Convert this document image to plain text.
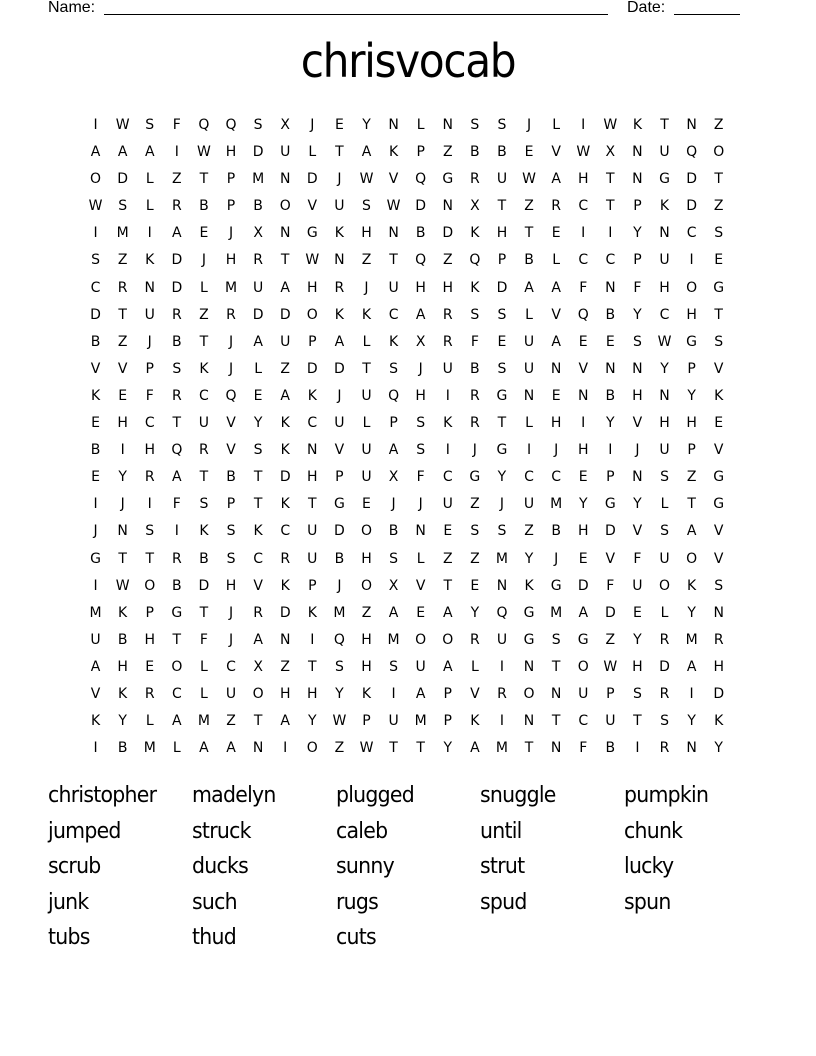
Name:	Date:
chrisvocab
I	W	S	F	Q	Q	S	X	J	E	Y	N	L	N	S	S	J	L	I	W	K	T	N	Z
A	A	A	I	W	H	D	U	L	T	A	K	P	Z	B	B	E	V	W	X	N	U	Q	O
O	D	L	Z	T	P	M	N	D	J	W	V	Q	G	R	U	W	A	H	T	N	G	D	T
W	S	L	R	B	P	B	O	V	U	S	W	D	N	X	T	Z	R	C	T	P	K	D	Z
I	M	I	A	E	J	X	N	G	K	H	N	B	D	K	H	T	E	I	I	Y	N	C	S
S	Z	K	D	J	H	R	T	W	N	Z	T	Q	Z	Q	P	B	L	C	C	P	U	I	E
C	R	N	D	L	M	U	A	H	R	J	U	H	H	K	D	A	A	F	N	F	H	O	G
D	T	U	R	Z	R	D	D	O	K	K	C	A	R	S	S	L	V	Q	B	Y	C	H	T
B	Z	J	B	T	J	A	U	P	A	L	K	X	R	F	E	U	A	E	E	S	W	G	S
V	V	P	S	K	J	L	Z	D	D	T	S	J	U	B	S	U	N	V	N	N	Y	P	V
K	E	F	R	C	Q	E	A	K	J	U	Q	H	I	R	G	N	E	N	B	H	N	Y	K
E	H	C	T	U	V	Y	K	C	U	L	P	S	K	R	T	L	H	I	Y	V	H	H	E
B	I	H	Q	R	V	S	K	N	V	U	A	S	I	J	G	I	J	H	I	J	U	P	V
E	Y	R	A	T	B	T	D	H	P	U	X	F	C	G	Y	C	C	E	P	N	S	Z	G
I	J	I	F	S	P	T	K	T	G	E	J	J	U	Z	J	U	M	Y	G	Y	L	T	G
J	N	S	I	K	S	K	C	U	D	O	B	N	E	S	S	Z	B	H	D	V	S	A	V
G	T	T	R	B	S	C	R	U	B	H	S	L	Z	Z	M	Y	J	E	V	F	U	O	V
I	W	O	B	D	H	V	K	P	J	O	X	V	T	E	N	K	G	D	F	U	O	K	S
M	K	P	G	T	J	R	D	K	M	Z	A	E	A	Y	Q	G	M	A	D	E	L	Y	N
U	B	H	T	F	J	A	N	I	Q	H	M	O	O	R	U	G	S	G	Z	Y	R	M	R
A	H	E	O	L	C	X	Z	T	S	H	S	U	A	L	I	N	T	O	W	H	D	A	H
V	K	R	C	L	U	O	H	H	Y	K	I	A	P	V	R	O	N	U	P	S	R	I	D
K	Y	L	A	M	Z	T	A	Y	W	P	U	M	P	K	I	N	T	C	U	T	S	Y	K
I	B	M	L	A	A	N	I	O	Z	W	T	T	Y	A	M	T	N	F	B	I	R	N	Y
christopher	madelyn	plugged	snuggle	pumpkin
jumped	struck	caleb	until	chunk
scrub	ducks	sunny	strut	lucky
junk	such	rugs	spud	spun
tubs	thud	cuts
